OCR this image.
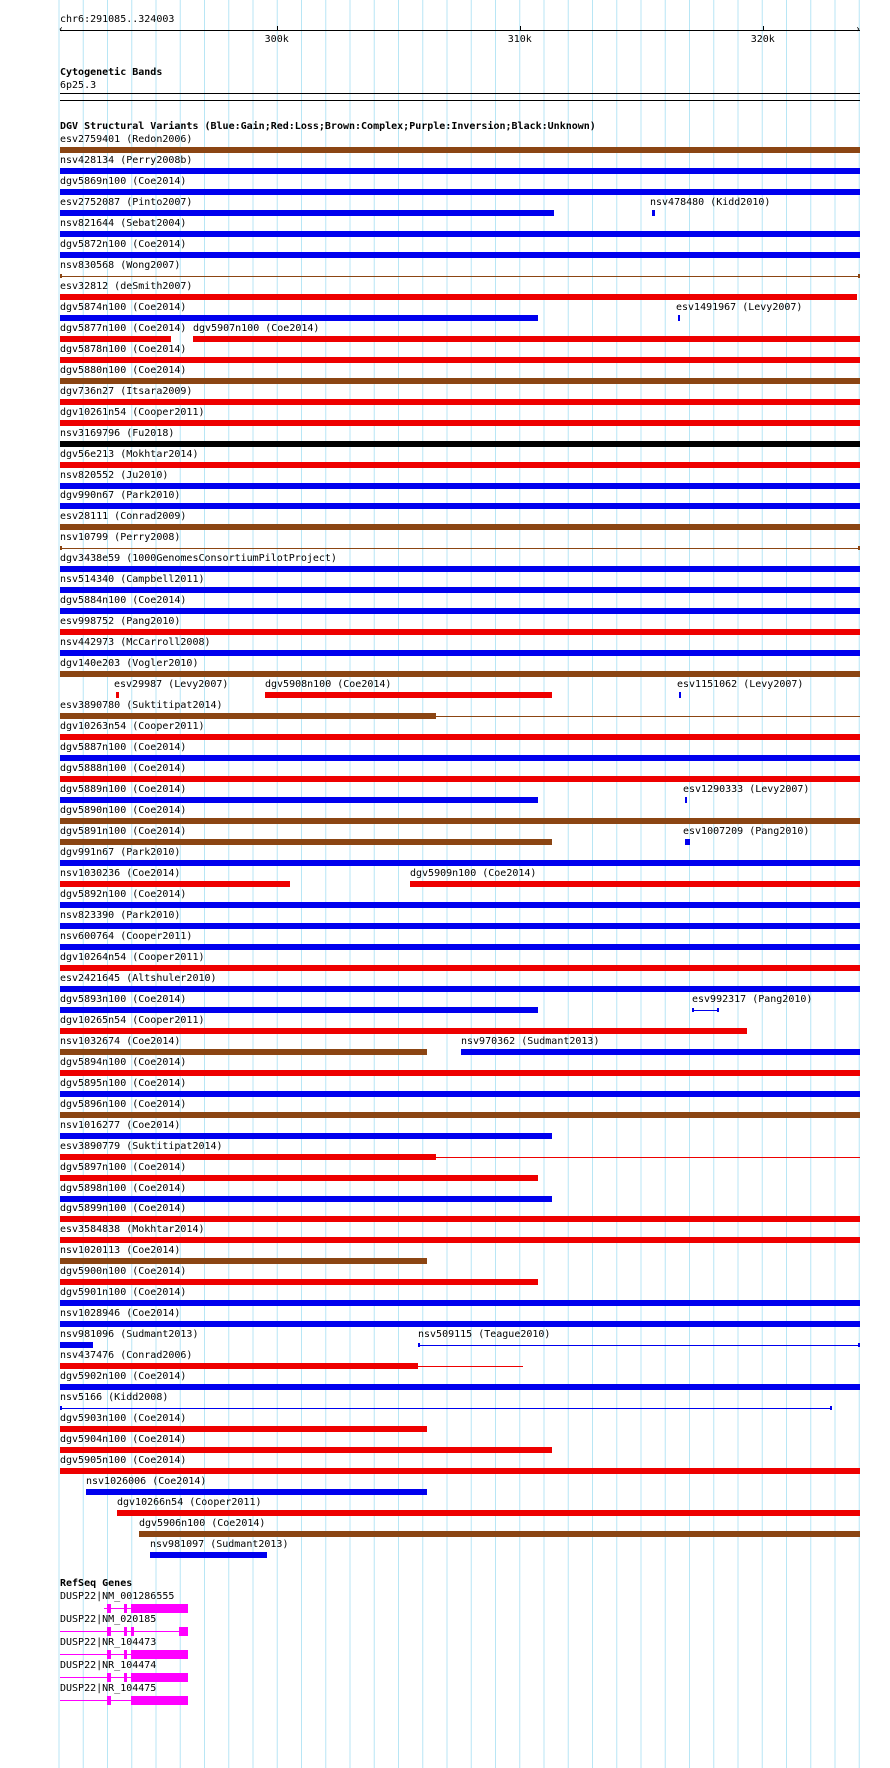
chr6:291085..324003
‹	›
300k	310k	320k
Cytogenetic Bands
6p25.3
DGV Structural Variants (Blue:Gain;Red:Loss;Brown:Complex;Purple:Inversion;Black:Unknown)
esv2759401 (Redon2006)
nsv428134 (Perry2008b)
dgv5869n100 (Coe2014)
esv2752087 (Pinto2007)	nsv478480 (Kidd2010)
nsv821644 (Sebat2004)
dgv5872n100 (Coe2014)
nsv830568 (Wong2007)
esv32812 (deSmith2007)
dgv5874n100 (Coe2014)	esv1491967 (Levy2007)
dgv5877n100 (Coe2014) dgv5907n100 (Coe2014)
dgv5878n100 (Coe2014)
dgv5880n100 (Coe2014)
dgv736n27 (Itsara2009)
dgv10261n54 (Cooper2011)
nsv3169796 (Fu2018)
dgv56e213 (Mokhtar2014)
nsv820552 (Ju2010)
dgv990n67 (Park2010)
esv28111 (Conrad2009)
nsv10799 (Perry2008)
dgv3438e59 (1000GenomesConsortiumPilotProject)
nsv514340 (Campbell2011)
dgv5884n100 (Coe2014)
esv998752 (Pang2010)
nsv442973 (McCarroll2008)
dgv140e203 (Vogler2010)
esv29987 (Levy2007)	dgv5908n100 (Coe2014)	esv1151062 (Levy2007)
esv3890780 (Suktitipat2014)
dgv10263n54 (Cooper2011)
dgv5887n100 (Coe2014)
dgv5888n100 (Coe2014)
dgv5889n100 (Coe2014)	esv1290333 (Levy2007)
dgv5890n100 (Coe2014)
dgv5891n100 (Coe2014)	esv1007209 (Pang2010)
dgv991n67 (Park2010)
nsv1030236 (Coe2014)	dgv5909n100 (Coe2014)
dgv5892n100 (Coe2014)
nsv823390 (Park2010)
nsv600764 (Cooper2011)
dgv10264n54 (Cooper2011)
esv2421645 (Altshuler2010)
dgv5893n100 (Coe2014)	esv992317 (Pang2010)
dgv10265n54 (Cooper2011)
nsv1032674 (Coe2014)	nsv970362 (Sudmant2013)
dgv5894n100 (Coe2014)
dgv5895n100 (Coe2014)
dgv5896n100 (Coe2014)
nsv1016277 (Coe2014)
esv3890779 (Suktitipat2014)
dgv5897n100 (Coe2014)
dgv5898n100 (Coe2014)
dgv5899n100 (Coe2014)
esv3584838 (Mokhtar2014)
nsv1020113 (Coe2014)
dgv5900n100 (Coe2014)
dgv5901n100 (Coe2014)
nsv1028946 (Coe2014)
nsv981096 (Sudmant2013)	nsv509115 (Teague2010)
nsv437476 (Conrad2006)
dgv5902n100 (Coe2014)
nsv5166 (Kidd2008)
dgv5903n100 (Coe2014)
dgv5904n100 (Coe2014)
dgv5905n100 (Coe2014)
nsv1026006 (Coe2014)
dgv10266n54 (Cooper2011)
dgv5906n100 (Coe2014)
nsv981097 (Sudmant2013)
RefSeq Genes
DUSP22|NM_001286555
DUSP22|NM_020185
DUSP22|NR_104473
DUSP22|NR_104474
DUSP22|NR_104475
